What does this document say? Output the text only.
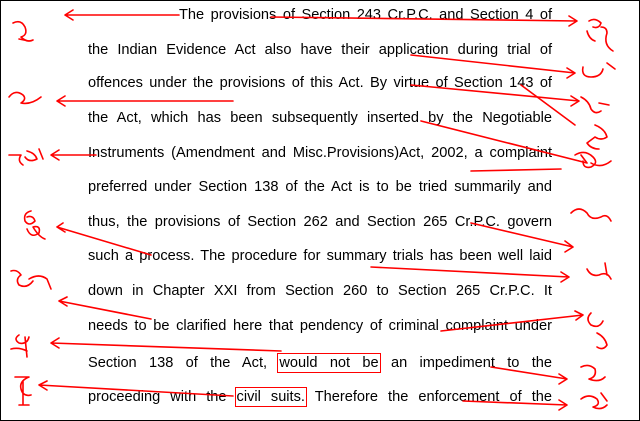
The provisions of Section 243 Cr.P.C. and Section 4 of
the Indian Evidence Act also have their application during trial of
offences under the provisions of this Act. By virtue of Section 143 of
the Act, which has been subsequently inserted by the Negotiable
Instruments (Amendment and Misc.Provisions)Act, 2002, a complaint
preferred under Section 138 of the Act is to be tried summarily and
thus, the provisions of Section 262 and Section 265 Cr.P.C. govern
such a process. The procedure for summary trials has been well laid
down in Chapter XXI from Section 260 to Section 265 Cr.P.C. It
needs to be clarified here that pendency of criminal complaint under
Section 138 of the Act, would not be an impediment to the
proceeding with the civil suits. Therefore the enforcement of the
